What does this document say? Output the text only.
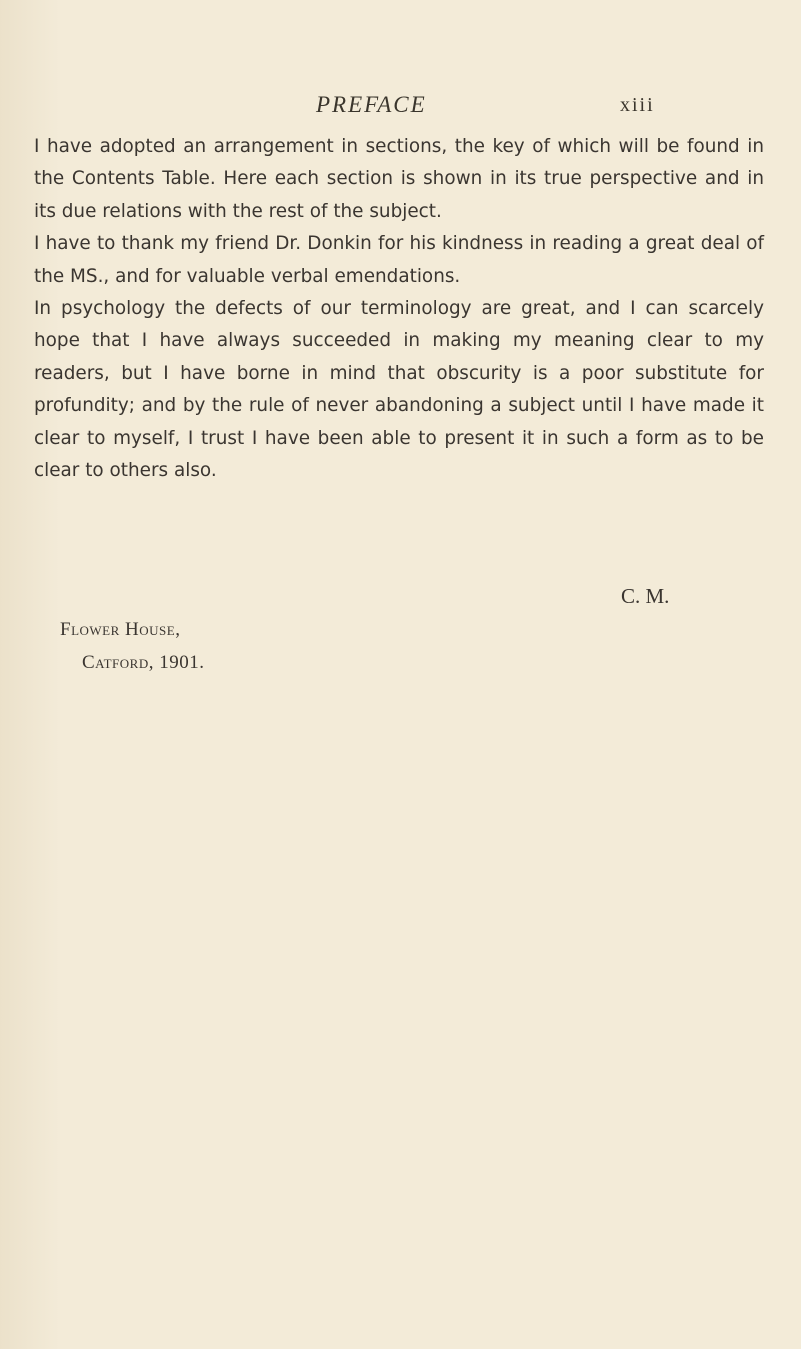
PREFACE	xiii

I have adopted an arrangement in sections, the key of which will be found in the Contents Table. Here each section is shown in its true perspective and in its due relations with the rest of the subject.

I have to thank my friend Dr. Donkin for his kindness in reading a great deal of the MS., and for valuable verbal emendations.

In psychology the defects of our terminology are great, and I can scarcely hope that I have always succeeded in making my meaning clear to my readers, but I have borne in mind that obscurity is a poor substitute for profundity; and by the rule of never abandoning a subject until I have made it clear to myself, I trust I have been able to present it in such a form as to be clear to others also.

C. M.
Flower House,
Catford, 1901.
